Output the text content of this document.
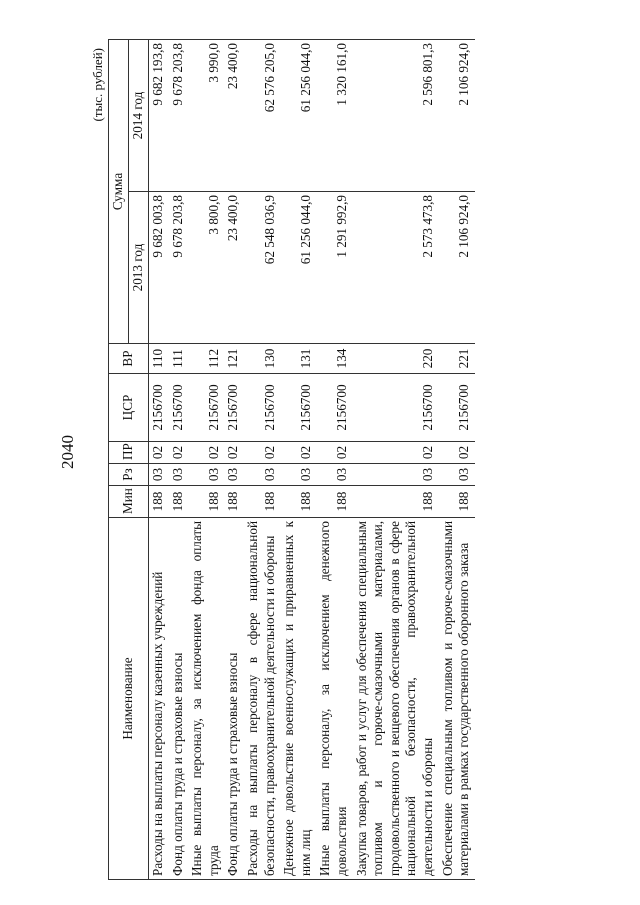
2040
(тыс. рублей)
Наименование	Мин	Рз	ПР	ЦСР	ВР	Сумма	
						2013 год	2014 год
Расходы на выплаты персоналу казенных учреждений	188	03	02	2156700	110	9 682 003,8	9 682 193,8
Фонд оплаты труда и страховые взносы	188	03	02	2156700	111	9 678 203,8	9 678 203,8
Иные выплаты персоналу, за исключением фонда оплаты труда	188	03	02	2156700	112	3 800,0	3 990,0
Фонд оплаты труда и страховые взносы	188	03	02	2156700	121	23 400,0	23 400,0
Расходы на выплаты персоналу в сфере национальной безопасности, правоохранительной деятельности и обороны	188	03	02	2156700	130	62 548 036,9	62 576 205,0
Денежное довольствие военнослужащих и приравненных к ним лиц	188	03	02	2156700	131	61 256 044,0	61 256 044,0
Иные выплаты персоналу, за исключением денежного довольствия	188	03	02	2156700	134	1 291 992,9	1 320 161,0
Закупка товаров, работ и услуг для обеспечения специальным топливом и горюче-смазочными материалами, продовольственного и вещевого обеспечения органов в сфере национальной безопасности, правоохранительной деятельности и обороны	188	03	02	2156700	220	2 573 473,8	2 596 801,3
Обеспечение специальным топливом и горюче-смазочными материалами в рамках государственного оборонного заказа	188	03	02	2156700	221	2 106 924,0	2 106 924,0
